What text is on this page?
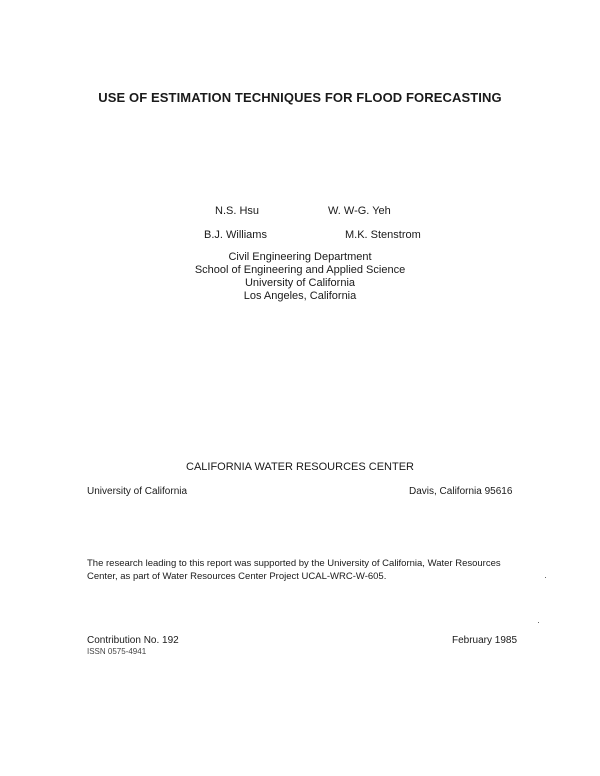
USE OF ESTIMATION TECHNIQUES FOR FLOOD FORECASTING
N.S. Hsu	W. W-G. Yeh
B.J. Williams	M.K. Stenstrom
Civil Engineering Department
School of Engineering and Applied Science
University of California
Los Angeles, California
CALIFORNIA WATER RESOURCES CENTER
University of California	Davis, California 95616
The research leading to this report was supported by the University of California, Water Resources
Center, as part of Water Resources Center Project UCAL-WRC-W-605.
Contribution No. 192
ISSN 0575-4941
February 1985
